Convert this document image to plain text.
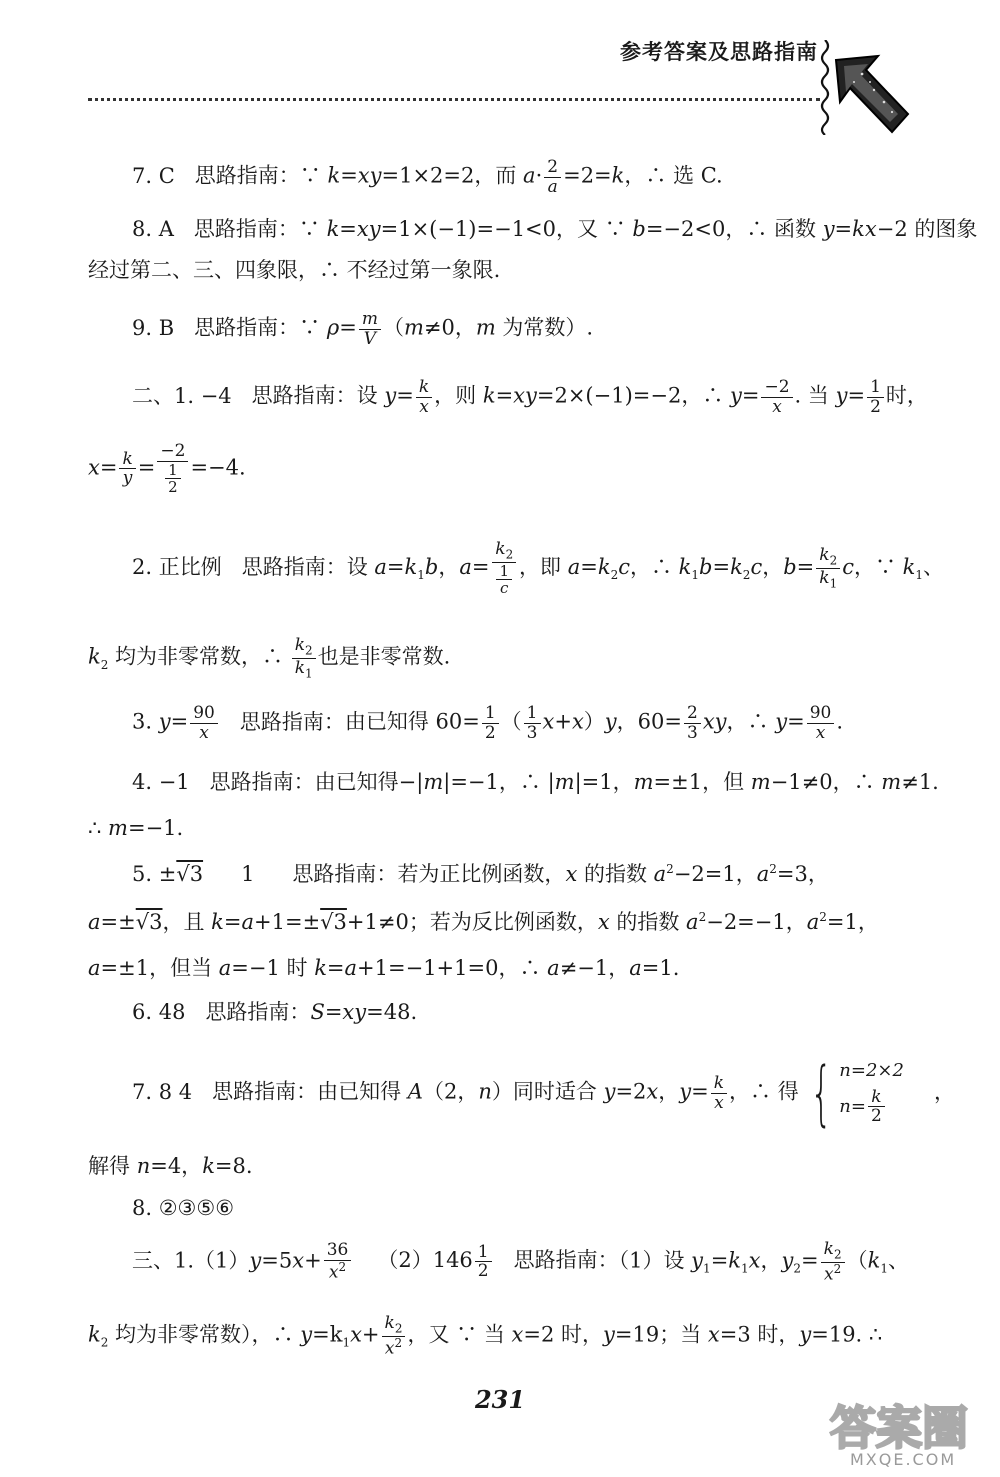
参考答案及思路指南
7. C 思路指南：∵ k=xy=1×2=2，而 $a\cdot \frac{2}{a} =2=k$，∴ 选 C.
8. A 思路指南：∵ k=xy=1×(−1)=−1<0，又 ∵ b=−2<0，∴ 函数 y=kx−2 的图象
经过第二、三、四象限，∴ 不经过第一象限.
9. B 思路指南：∵ $\rho= \frac{m}{V} (m\ne 0$，m 为常数）.
二、1. −4 思路指南：设 $y= \frac{k}{x}$ ，则 k=xy=2×(−1)=−2，∴ $y= \frac{-2}{x}$ . 当 $y= \frac{1}{2}$ 时，
$x= \frac{k}{y} = \frac{-2}{\frac{1}{2}} =-4$.
2. 正比例 思路指南：设 $a=k_1b$，$a= \frac{k_2}{\frac{1}{c}}$ ，即 $a=k_2c$，∴ $k_1b=k_2c$，$b= \frac{k_2}{k_1}$ c，∵ $k_1$、
$k_2$ 均为非零常数，∴ $\frac{k_2}{k_1}$ 也是非零常数.
3. $y= \frac{90}{x}$ 思路指南：由已知得 $60= \frac{1}{2}$ （ $\frac{1}{3} x+x)y$，$60= \frac{2}{3}$ xy，∴ $y= \frac{90}{x}$ .
4. −1 思路指南：由已知得−|m|=−1，∴ |m|=1，m=±1，但 m−1≠0，∴ m≠1.
∴ m=−1.
5. ±√3 1 思路指南：若为正比例函数，x 的指数 $a^2-2=1$，$a^2=3$，
a=±√3，且 k=a+1=±√3+1≠0；若为反比例函数，x 的指数 $a^2-2=-1$，$a^2=1$，
a=±1，但当 a=−1 时 k=a+1=−1+1=0，∴ a≠−1，a=1.
6. 48 思路指南：S=xy=48.
7. 8 4 思路指南：由已知得 A（2，n）同时适合 y=2x，$y= \frac{k}{x}$ ，∴ 得 { n=2×2
$n= \frac{k}{2}$ ，
解得 n=4，k=8.
8. ②③⑤⑥
三、$1.(1)y=5x+ \frac{36}{x^2} (2)146 \frac{1}{2}$ 思路指南：（1）设 $y_1=k_1x$，$y_2= \frac{k_2}{x^2} (k_1$、
$k_2$ 均为非零常数），∴ $y=k_1x+ \frac{k_2}{x^2}$ ，又 ∵ 当 x=2 时，y=19；当 x=3 时，y=19. ∴
231
答案圈
MXQE.COM
